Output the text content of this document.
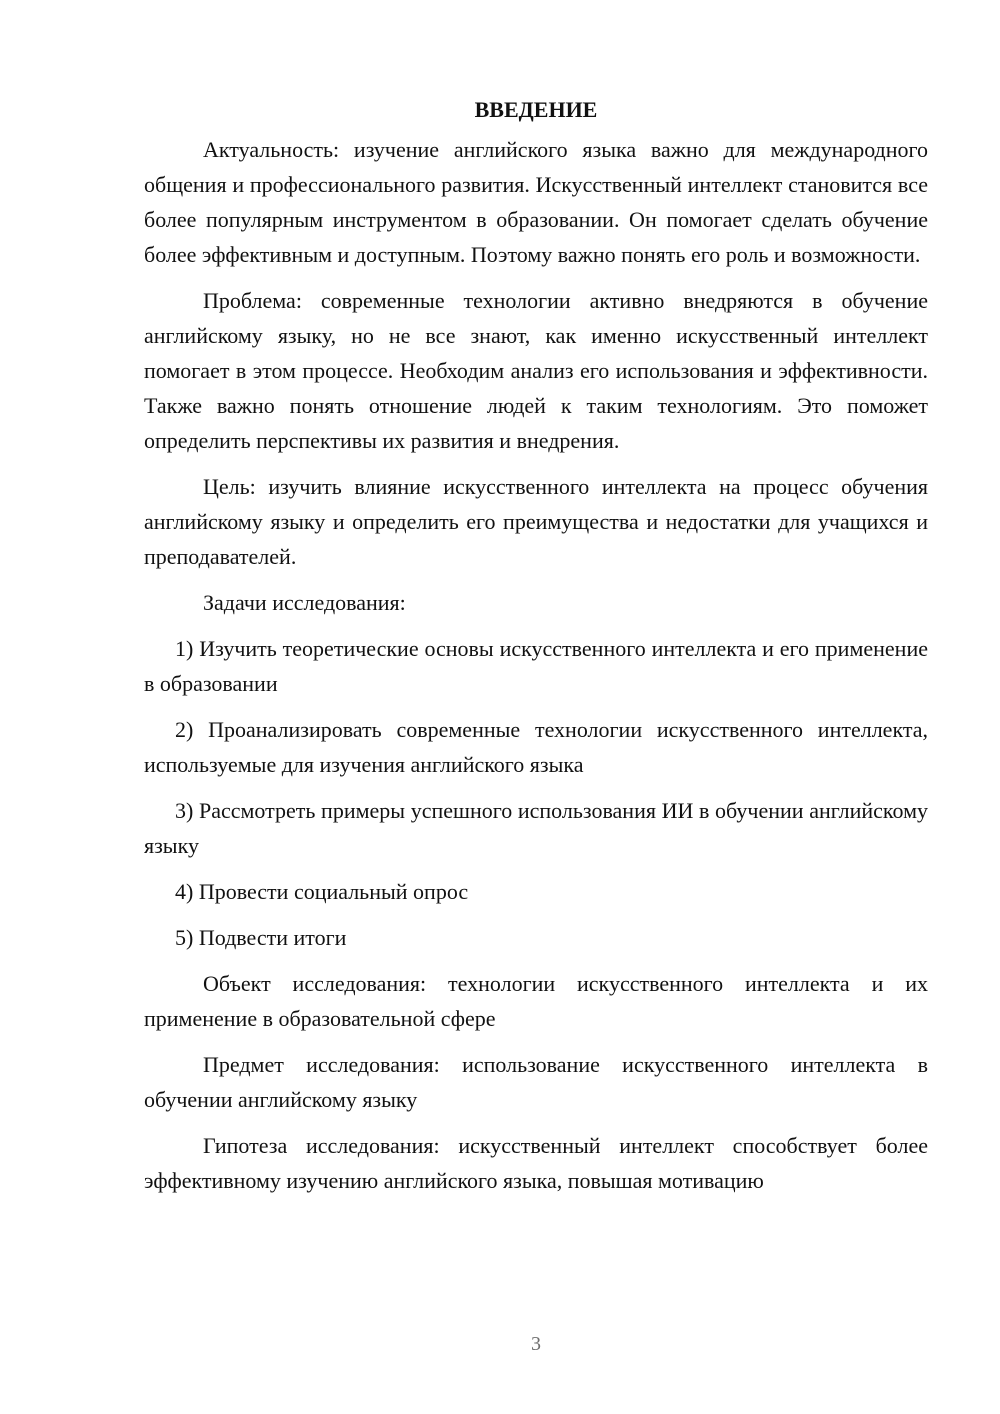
ВВЕДЕНИЕ

Актуальность: изучение английского языка важно для международного общения и профессионального развития. Искусственный интеллект становится все более популярным инструментом в образовании. Он помогает сделать обучение более эффективным и доступным. Поэтому важно понять его роль и возможности.

Проблема: современные технологии активно внедряются в обучение английскому языку, но не все знают, как именно искусственный интеллект помогает в этом процессе. Необходим анализ его использования и эффективности. Также важно понять отношение людей к таким технологиям. Это поможет определить перспективы их развития и внедрения.

Цель: изучить влияние искусственного интеллекта на процесс обучения английскому языку и определить его преимущества и недостатки для учащихся и преподавателей.

Задачи исследования:

1) Изучить теоретические основы искусственного интеллекта и его применение в образовании

2) Проанализировать современные технологии искусственного интеллекта, используемые для изучения английского языка

3) Рассмотреть примеры успешного использования ИИ в обучении английскому языку

4) Провести социальный опрос

5) Подвести итоги

Объект исследования: технологии искусственного интеллекта и их применение в образовательной сфере

Предмет исследования: использование искусственного интеллекта в обучении английскому языку

Гипотеза исследования: искусственный интеллект способствует более эффективному изучению английского языка, повышая мотивацию

3
